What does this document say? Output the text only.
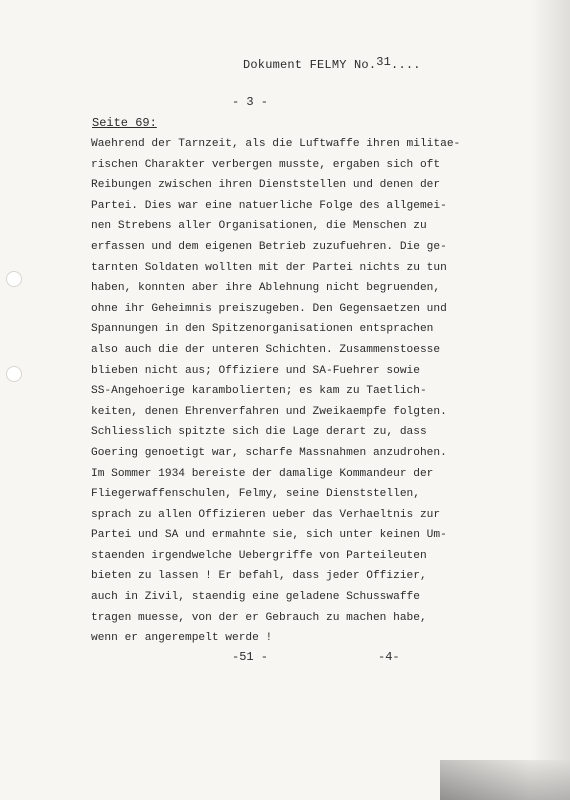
Dokument FELMY No.31....
- 3 -
Seite 69:
Waehrend der Tarnzeit, als die Luftwaffe ihren militae-
rischen Charakter verbergen musste, ergaben sich oft
Reibungen zwischen ihren Dienststellen und denen der
Partei. Dies war eine natuerliche Folge des allgemei-
nen Strebens aller Organisationen, die Menschen zu
erfassen und dem eigenen Betrieb zuzufuehren. Die ge-
tarnten Soldaten wollten mit der Partei nichts zu tun
haben, konnten aber ihre Ablehnung nicht begruenden,
ohne ihr Geheimnis preiszugeben. Den Gegensaetzen und
Spannungen in den Spitzenorganisationen entsprachen
also auch die der unteren Schichten. Zusammenstoesse
blieben nicht aus; Offiziere und SA-Fuehrer sowie
SS-Angehoerige karambolierten; es kam zu Taetlich-
keiten, denen Ehrenverfahren und Zweikaempfe folgten.
Schliesslich spitzte sich die Lage derart zu, dass
Goering genoetigt war, scharfe Massnahmen anzudrohen.
Im Sommer 1934 bereiste der damalige Kommandeur der
Fliegerwaffenschulen, Felmy, seine Dienststellen,
sprach zu allen Offizieren ueber das Verhaeltnis zur
Partei und SA und ermahnte sie, sich unter keinen Um-
staenden irgendwelche Uebergriffe von Parteileuten
bieten zu lassen ! Er befahl, dass jeder Offizier,
auch in Zivil, staendig eine geladene Schusswaffe
tragen muesse, von der er Gebrauch zu machen habe,
wenn er angerempelt werde !
-51 -	-4-
